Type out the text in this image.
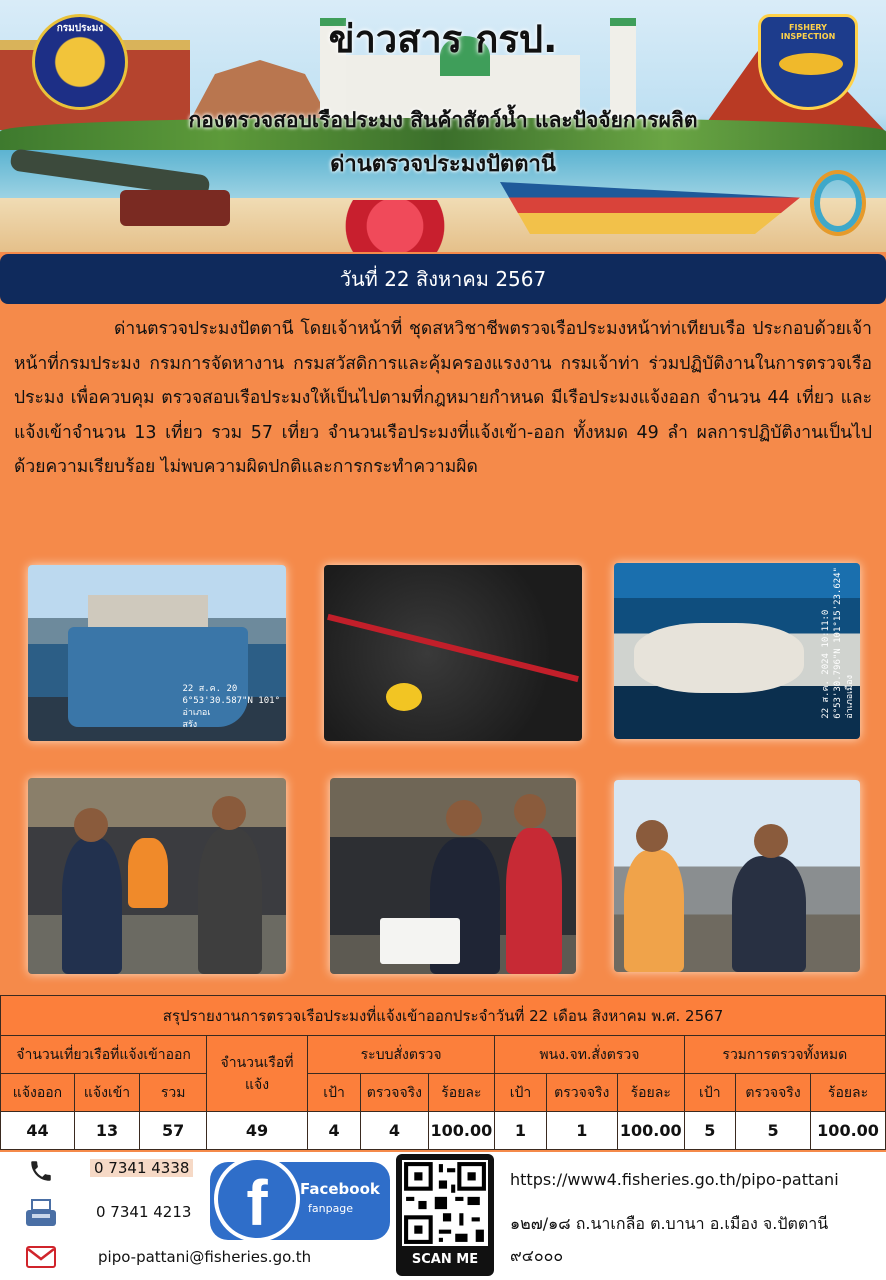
กรมประมง	FISHERY INSPECTION
ข่าวสาร กรป.
กองตรวจสอบเรือประมง สินค้าสัตว์น้ำ และปัจจัยการผลิต
ด่านตรวจประมงปัตตานี
วันที่ 22 สิงหาคม 2567

ด่านตรวจประมงปัตตานี โดยเจ้าหน้าที่ ชุดสหวิชาชีพตรวจเรือประมงหน้าท่าเทียบเรือ ประกอบด้วยเจ้าหน้าที่กรมประมง กรมการจัดหางาน กรมสวัสดิการและคุ้มครองแรงงาน กรมเจ้าท่า ร่วมปฏิบัติงานในการตรวจเรือประมง เพื่อควบคุม ตรวจสอบเรือประมงให้เป็นไปตามที่กฎหมายกำหนด มีเรือประมงแจ้งออก จำนวน 44 เที่ยว และแจ้งเข้าจำนวน 13 เที่ยว รวม 57 เที่ยว จำนวนเรือประมงที่แจ้งเข้า-ออก ทั้งหมด 49 ลำ ผลการปฏิบัติงานเป็นไปด้วยความเรียบร้อย ไม่พบความผิดปกติและการกระทำความผิด

22 ส.ค. 20
6°53'30.587"N 101°
อ่าเภอเ
สรัง
22 ส.ค. 2024 10:11:0
6°53'30.796"N 101°15'23.624"
อ่าเภอเมือง
สรุปรายงานการตรวจเรือประมงที่แจ้งเข้าออกประจำวันที่ 22 เดือน สิงหาคม พ.ศ. 2567												
จำนวนเที่ยวเรือที่แจ้งเข้าออก			จำนวนเรือที่แจ้ง	ระบบสั่งตรวจ			พนง.จท.สั่งตรวจ			รวมการตรวจทั้งหมด		
แจ้งออก	แจ้งเข้า	รวม		เป้า	ตรวจจริง	ร้อยละ	เป้า	ตรวจจริง	ร้อยละ	เป้า	ตรวจจริง	ร้อยละ
44	13	57	49	4	4	100.00	1	1	100.00	5	5	100.00
0 7341 4338
0 7341 4213
pipo-pattani@fisheries.go.th
f	Facebook
fanpage
SCAN ME
https://www4.fisheries.go.th/pipo-pattani
๑๒๗/๑๘ ถ.นาเกลือ ต.บานา อ.เมือง จ.ปัตตานี
๙๔๐๐๐
